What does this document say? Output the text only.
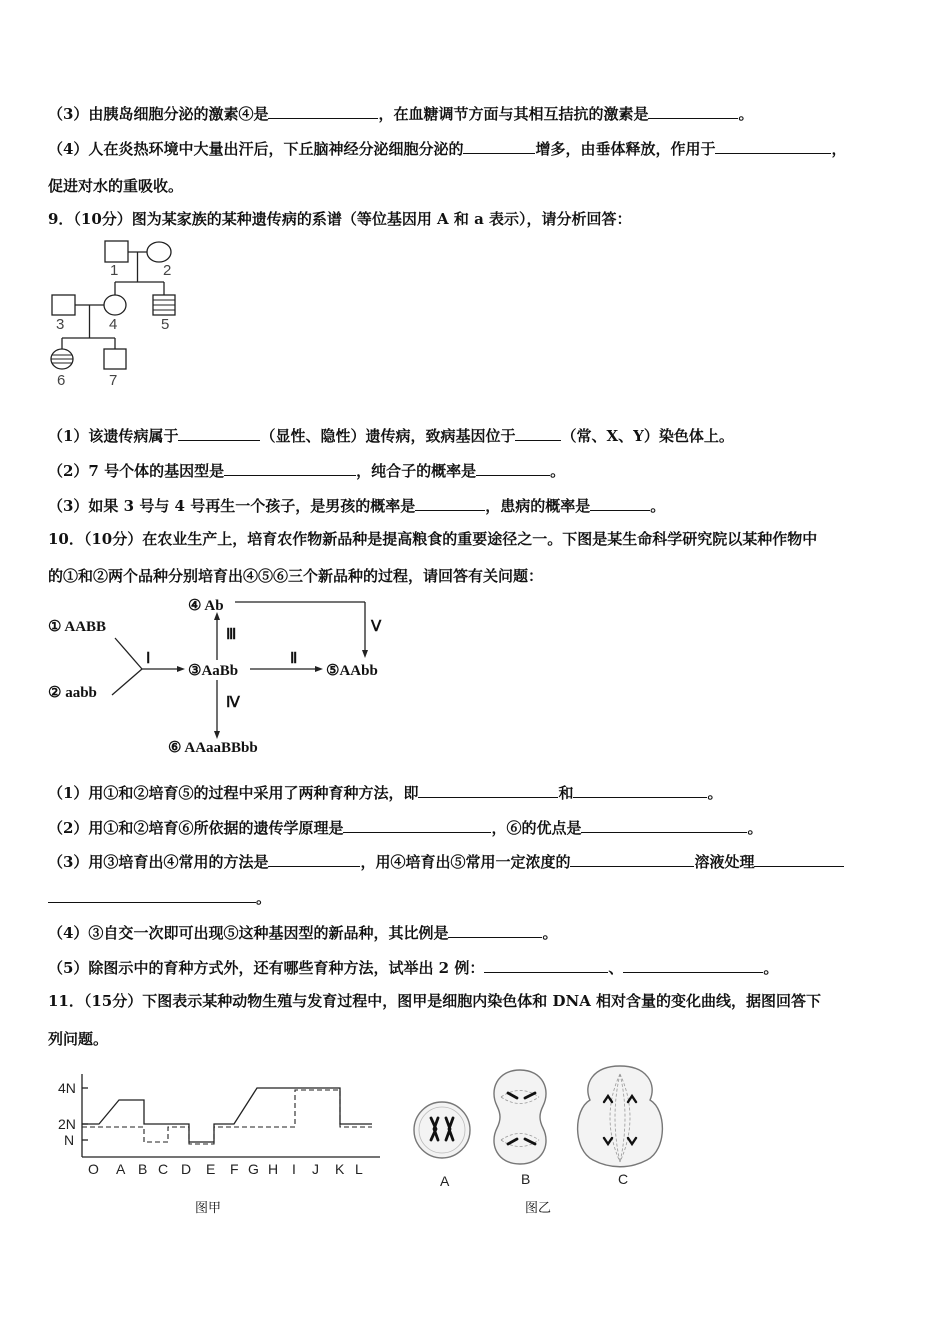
（3）由胰岛细胞分泌的激素④是	，在血糖调节方面与其相互拮抗的激素是	。
（4）人在炎热环境中大量出汗后，下丘脑神经分泌细胞分泌的	增多，由垂体释放，作用于	，
促进对水的重吸收。
9．（10分）图为某家族的某种遗传病的系谱（等位基因用 A 和 a 表示），请分析回答：
1	2
3	4	5
6	7
（1）该遗传病属于	（显性、隐性）遗传病，致病基因位于	（常、X、Y）染色体上。
（2）7 号个体的基因型是	，纯合子的概率是	。
（3）如果 3 号与 4 号再生一个孩子，是男孩的概率是	，患病的概率是	。
10．（10分）在农业生产上，培育农作物新品种是提高粮食的重要途径之一。下图是某生命科学研究院以某种作物中
的①和②两个品种分别培育出④⑤⑥三个新品种的过程，请回答有关问题：
① AABB
② aabb
③AaBb
④ Ab
⑤AAbb
⑥ AAaaBBbb
Ⅰ	Ⅱ
Ⅲ
Ⅳ
Ⅴ
（1）用①和②培育⑤的过程中采用了两种育种方法，即	和	。
（2）用①和②培育⑥所依据的遗传学原理是	，⑥的优点是	。
（3）用③培育出④常用的方法是	，用④培育出⑤常用一定浓度的	溶液处理
。
（4）③自交一次即可出现⑤这种基因型的新品种，其比例是	。
（5）除图示中的育种方式外，还有哪些育种方法，试举出 2 例：	、	。
11．（15分）下图表示某种动物生殖与发育过程中，图甲是细胞内染色体和 DNA 相对含量的变化曲线，据图回答下
列问题。
4N
2N
N
O A B C D E F G H I J K L
图甲
A	B	C
图乙
